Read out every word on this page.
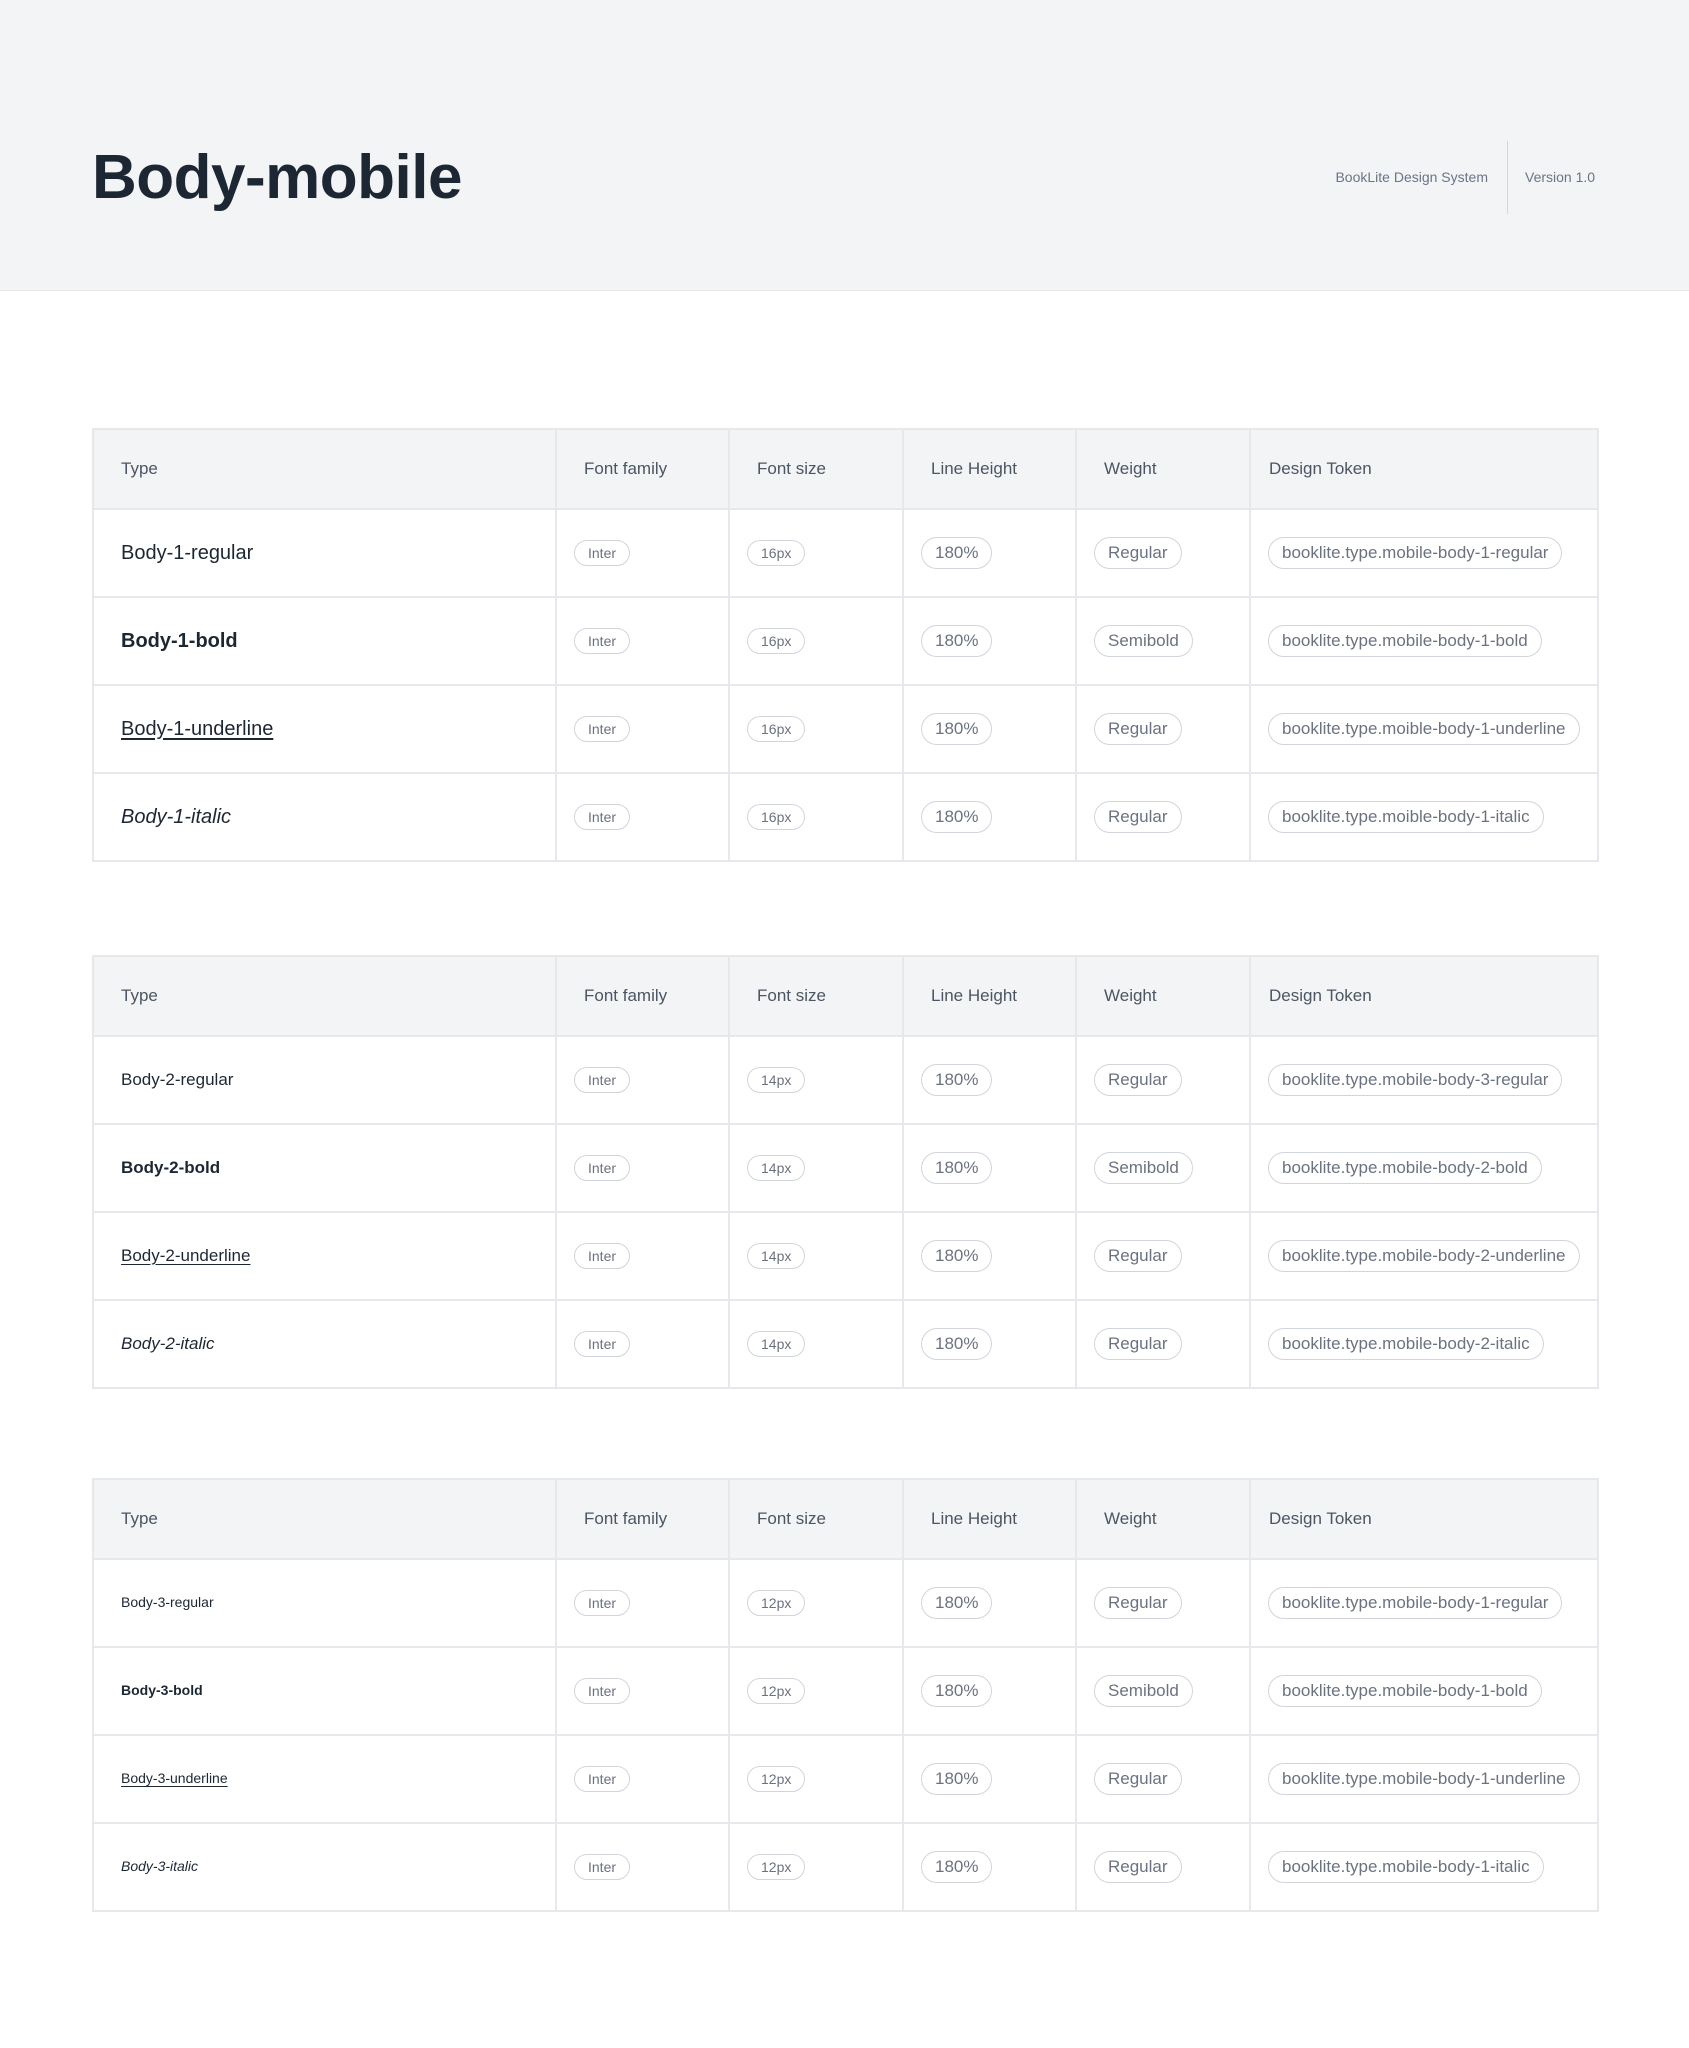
Body-mobile	BookLite Design System	Version 1.0
Type	Font family	Font size	Line Height	Weight	Design Token
Body-1-regular	Inter	16px	180%	Regular	booklite.type.mobile-body-1-regular
Body-1-bold	Inter	16px	180%	Semibold	booklite.type.mobile-body-1-bold
Body-1-underline	Inter	16px	180%	Regular	booklite.type.moible-body-1-underline
Body-1-italic	Inter	16px	180%	Regular	booklite.type.moible-body-1-italic
Type	Font family	Font size	Line Height	Weight	Design Token
Body-2-regular	Inter	14px	180%	Regular	booklite.type.mobile-body-3-regular
Body-2-bold	Inter	14px	180%	Semibold	booklite.type.mobile-body-2-bold
Body-2-underline	Inter	14px	180%	Regular	booklite.type.mobile-body-2-underline
Body-2-italic	Inter	14px	180%	Regular	booklite.type.mobile-body-2-italic
Type	Font family	Font size	Line Height	Weight	Design Token
Body-3-regular	Inter	12px	180%	Regular	booklite.type.mobile-body-1-regular
Body-3-bold	Inter	12px	180%	Semibold	booklite.type.mobile-body-1-bold
Body-3-underline	Inter	12px	180%	Regular	booklite.type.mobile-body-1-underline
Body-3-italic	Inter	12px	180%	Regular	booklite.type.mobile-body-1-italic
